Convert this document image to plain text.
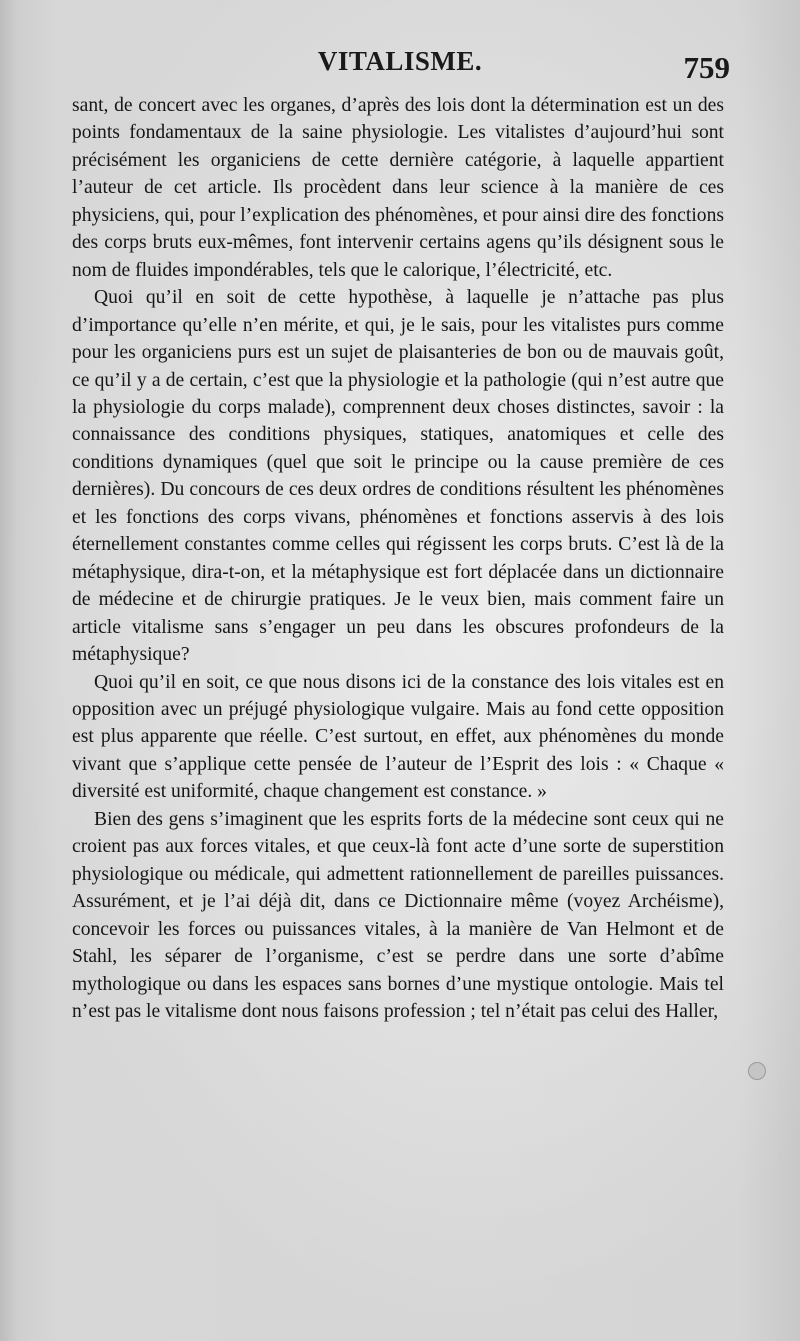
VITALISME.	759

sant, de concert avec les organes, d’après des lois dont la détermination est un des points fondamentaux de la saine physiologie. Les vitalistes d’aujourd’hui sont précisément les organiciens de cette dernière catégorie, à laquelle appartient l’auteur de cet article. Ils procèdent dans leur science à la manière de ces physiciens, qui, pour l’explication des phénomènes, et pour ainsi dire des fonctions des corps bruts eux-mêmes, font intervenir certains agens qu’ils désignent sous le nom de fluides impondérables, tels que le calorique, l’électricité, etc.

Quoi qu’il en soit de cette hypothèse, à laquelle je n’attache pas plus d’importance qu’elle n’en mérite, et qui, je le sais, pour les vitalistes purs comme pour les organiciens purs est un sujet de plaisanteries de bon ou de mauvais goût, ce qu’il y a de certain, c’est que la physiologie et la pathologie (qui n’est autre que la physiologie du corps malade), comprennent deux choses distinctes, savoir : la connaissance des conditions physiques, statiques, anatomiques et celle des conditions dynamiques (quel que soit le principe ou la cause première de ces dernières). Du concours de ces deux ordres de conditions résultent les phénomènes et les fonctions des corps vivans, phénomènes et fonctions asservis à des lois éternellement constantes comme celles qui régissent les corps bruts. C’est là de la métaphysique, dira-t-on, et la métaphysique est fort déplacée dans un dictionnaire de médecine et de chirurgie pratiques. Je le veux bien, mais comment faire un article vitalisme sans s’engager un peu dans les obscures profondeurs de la métaphysique?

Quoi qu’il en soit, ce que nous disons ici de la constance des lois vitales est en opposition avec un préjugé physiologique vulgaire. Mais au fond cette opposition est plus apparente que réelle. C’est surtout, en effet, aux phénomènes du monde vivant que s’applique cette pensée de l’auteur de l’Esprit des lois : « Chaque « diversité est uniformité, chaque changement est constance. »

Bien des gens s’imaginent que les esprits forts de la médecine sont ceux qui ne croient pas aux forces vitales, et que ceux-là font acte d’une sorte de superstition physiologique ou médicale, qui admettent rationnellement de pareilles puissances. Assurément, et je l’ai déjà dit, dans ce Dictionnaire même (voyez Archéisme), concevoir les forces ou puissances vitales, à la manière de Van Helmont et de Stahl, les séparer de l’organisme, c’est se perdre dans une sorte d’abîme mythologique ou dans les espaces sans bornes d’une mystique ontologie. Mais tel n’est pas le vitalisme dont nous faisons profession ; tel n’était pas celui des Haller,
